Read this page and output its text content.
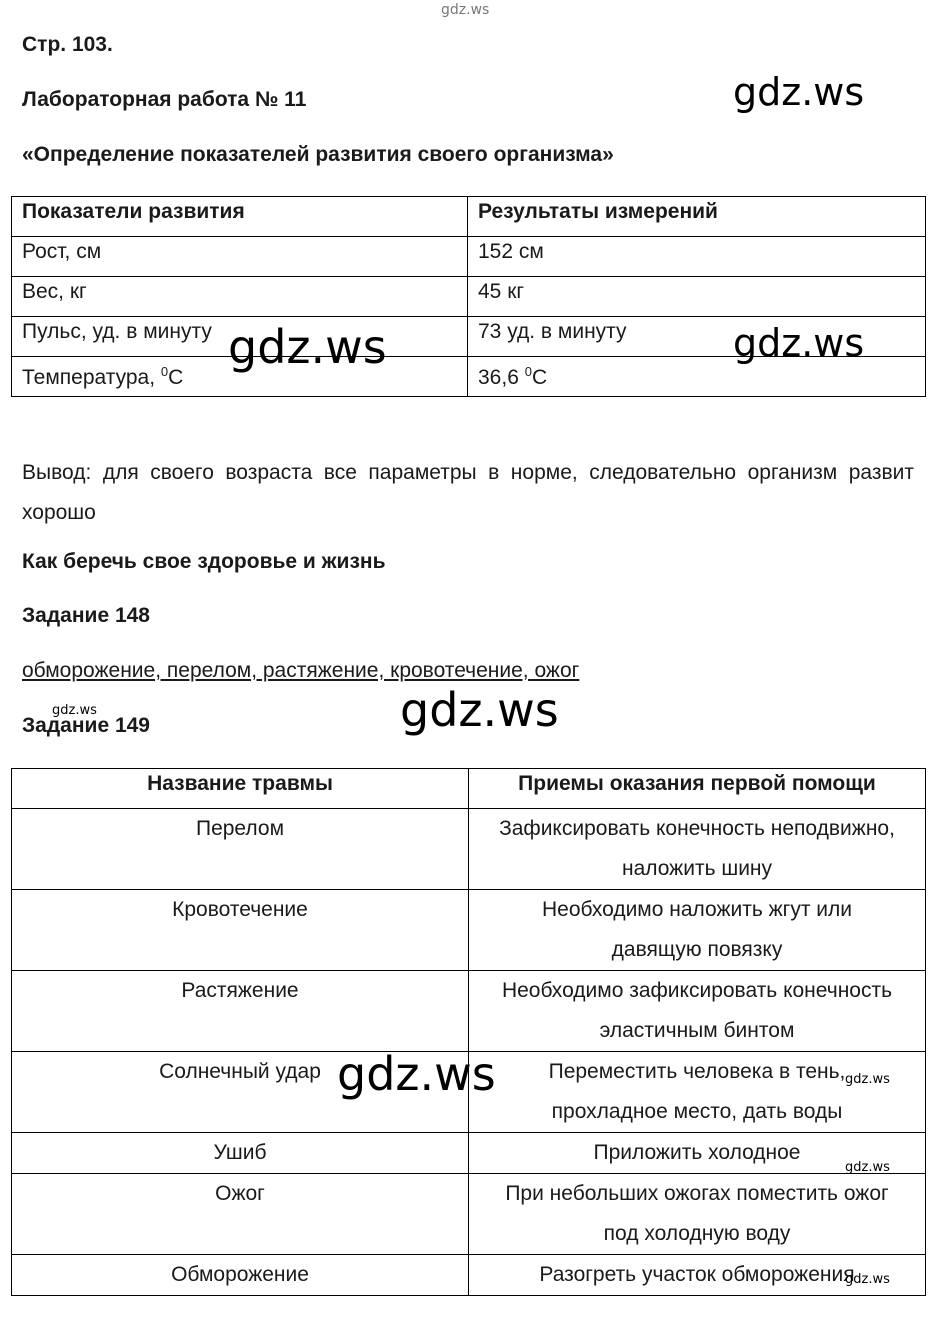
gdz.ws
Стр. 103.
Лабораторная работа № 11	gdz.ws
«Определение показателей развития своего организма»
Показатели развития	Результаты измерений
Рост, см	152 см
Вес, кг	45 кг
Пульс, уд. в минуту	73 уд. в минуту
Температура, $^0$С	36,6 $^0$С
gdz.ws	gdz.ws
Вывод: для своего возраста все параметры в норме, следовательно организм развит хорошо
Как беречь свое здоровье и жизнь
Задание 148
обморожение, перелом, растяжение, кровотечение, ожог
gdz.ws
Задание 149	gdz.ws
Название травмы	Приемы оказания первой помощи
Перелом	Зафиксировать конечность неподвижно,
наложить шину

Кровотечение	Необходимо наложить жгут или
давящую повязку

Растяжение	Необходимо зафиксировать конечность
эластичным бинтом

Солнечный удар	Переместить человека в тень,
прохладное место, дать воды

Ушиб	Приложить холодное

Ожог	При небольших ожогах поместить ожог
под холодную воду

Обморожение	Разогреть участок обморожения
gdz.ws	gdz.ws
gdz.ws
gdz.ws
